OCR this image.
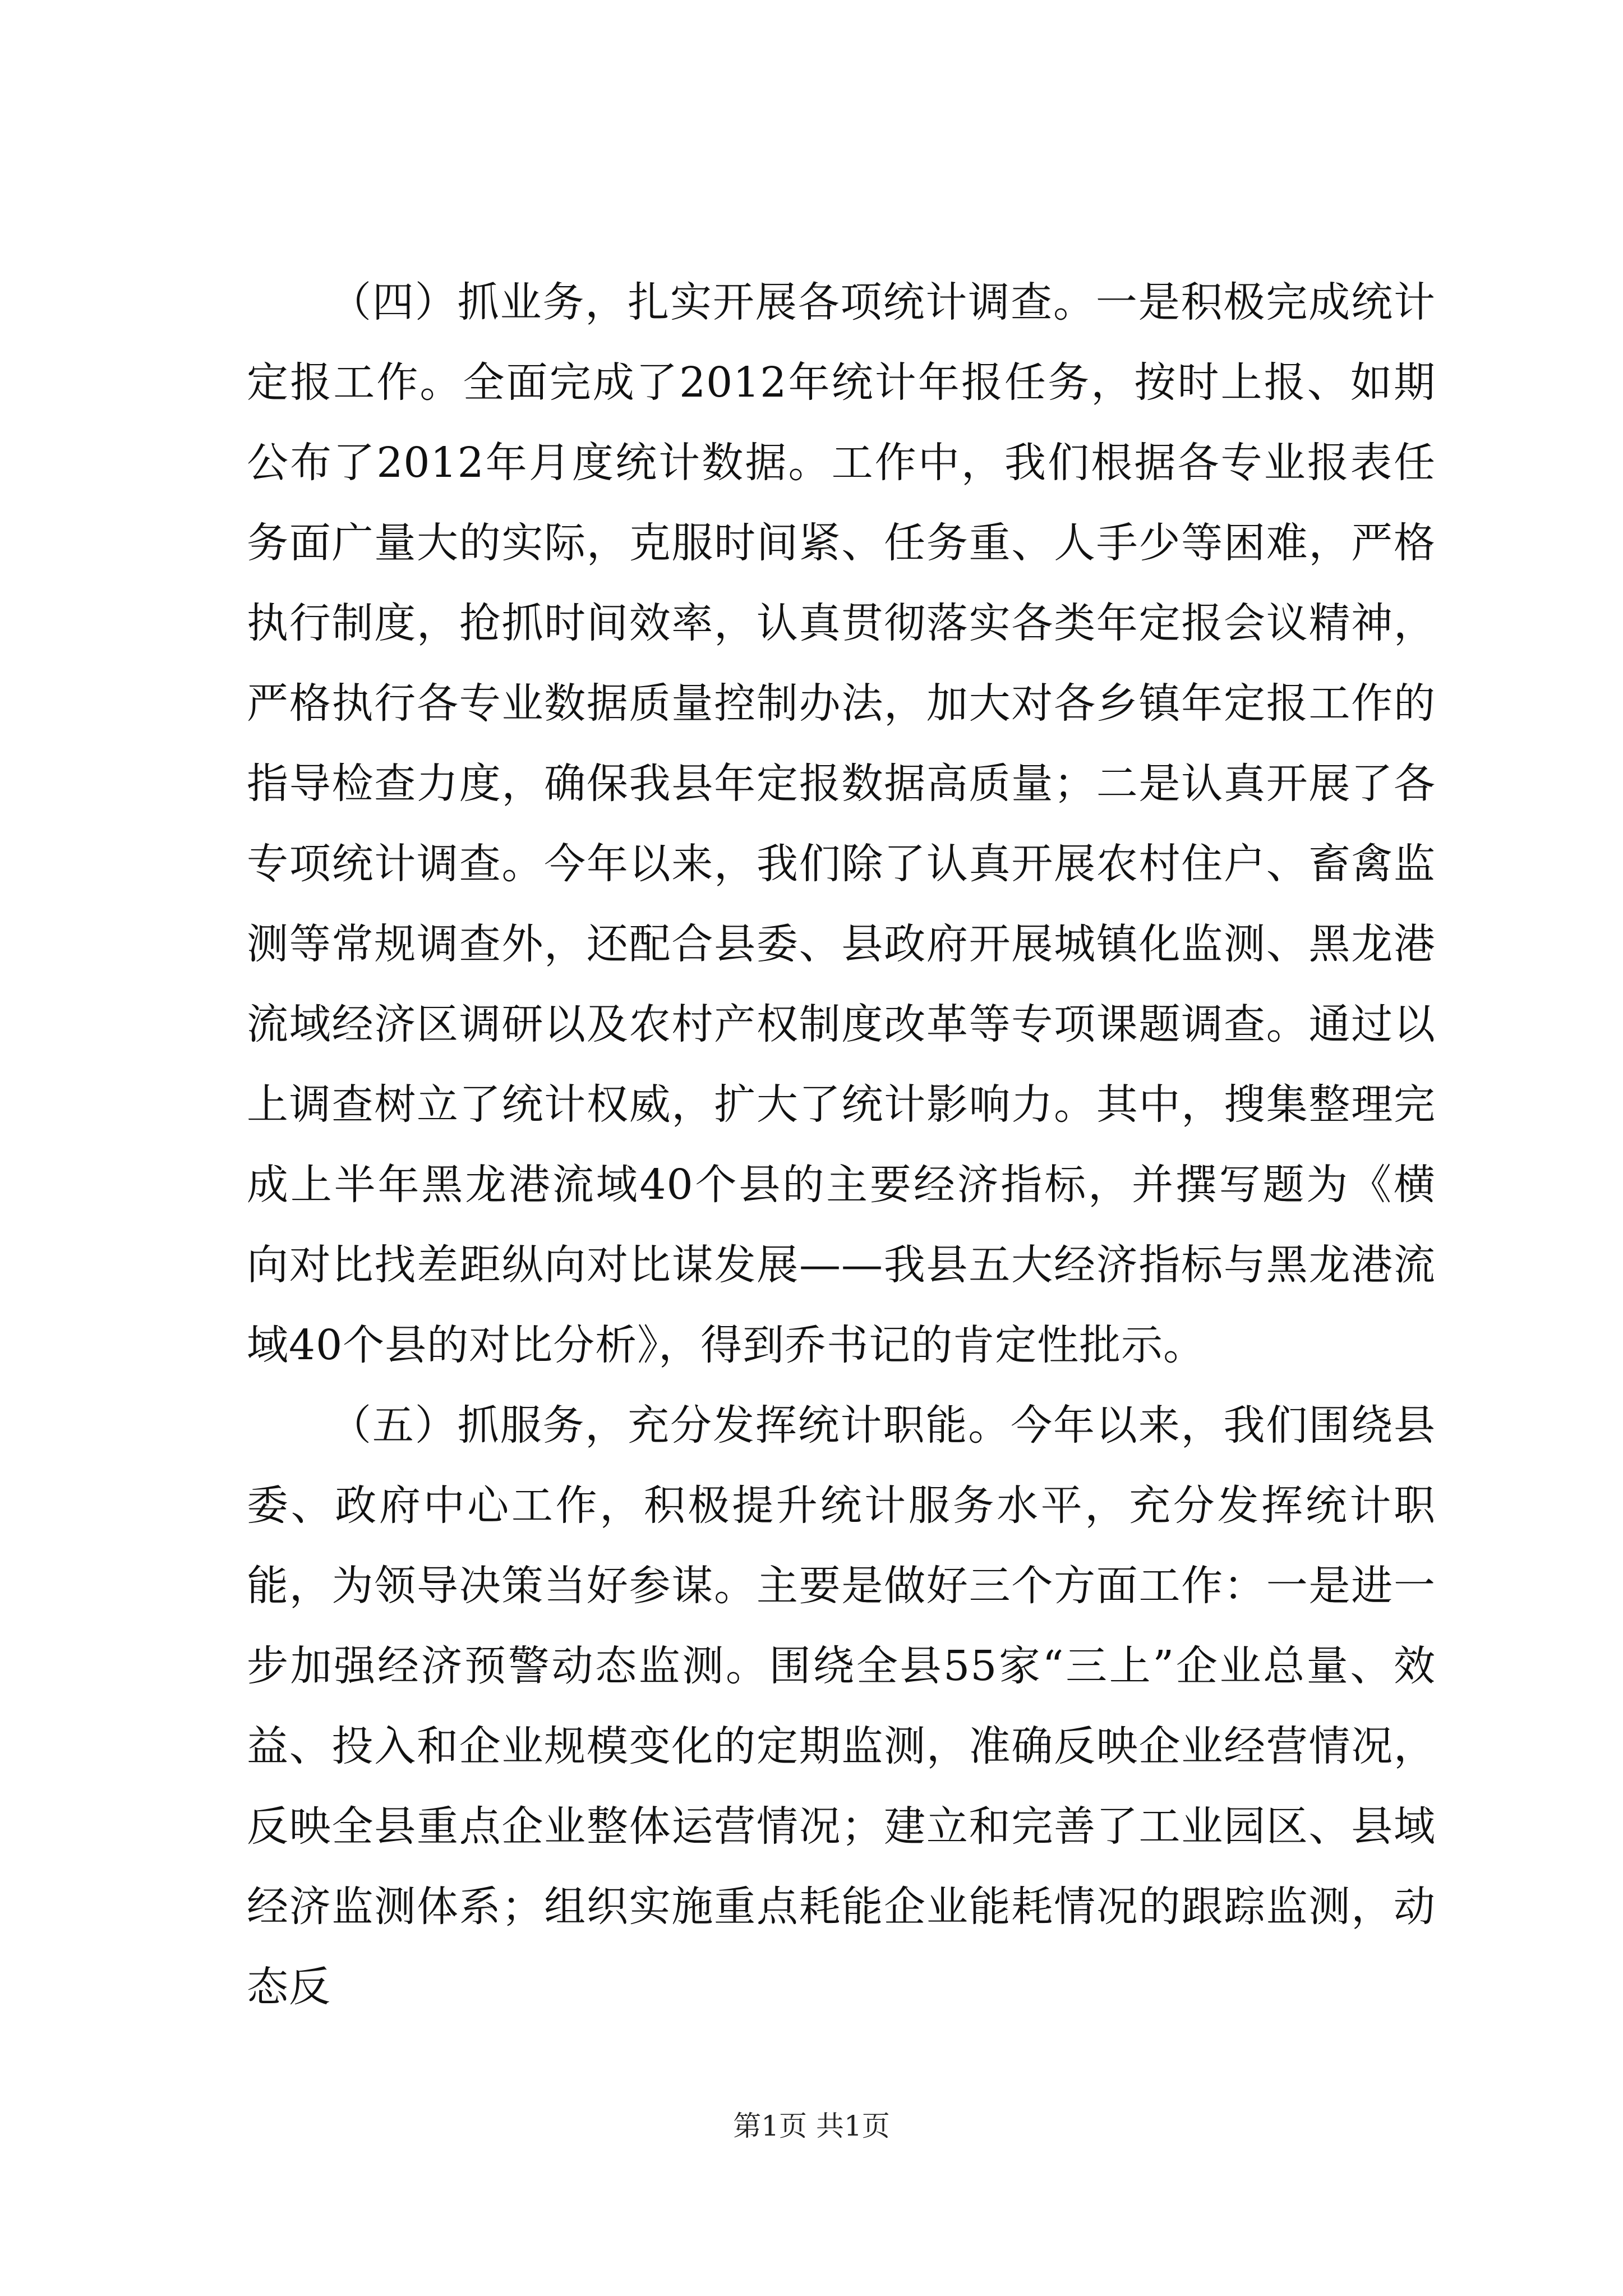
（四）抓业务，扎实开展各项统计调查。一是积极完成统计定报工作。全面完成了2012年统计年报任务，按时上报、如期公布了2012年月度统计数据。工作中，我们根据各专业报表任务面广量大的实际，克服时间紧、任务重、人手少等困难，严格执行制度，抢抓时间效率，认真贯彻落实各类年定报会议精神，严格执行各专业数据质量控制办法，加大对各乡镇年定报工作的指导检查力度，确保我县年定报数据高质量；二是认真开展了各专项统计调查。今年以来，我们除了认真开展农村住户、畜禽监测等常规调查外，还配合县委、县政府开展城镇化监测、黑龙港流域经济区调研以及农村产权制度改革等专项课题调查。通过以上调查树立了统计权威，扩大了统计影响力。其中，搜集整理完成上半年黑龙港流域40个县的主要经济指标，并撰写题为《横向对比找差距纵向对比谋发展——我县五大经济指标与黑龙港流域40个县的对比分析》，得到乔书记的肯定性批示。

（五）抓服务，充分发挥统计职能。今年以来，我们围绕县委、政府中心工作，积极提升统计服务水平，充分发挥统计职能，为领导决策当好参谋。主要是做好三个方面工作：一是进一步加强经济预警动态监测。围绕全县55家“三上”企业总量、效益、投入和企业规模变化的定期监测，准确反映企业经营情况，反映全县重点企业整体运营情况；建立和完善了工业园区、县域经济监测体系；组织实施重点耗能企业能耗情况的跟踪监测，动态反

第1页 共1页
